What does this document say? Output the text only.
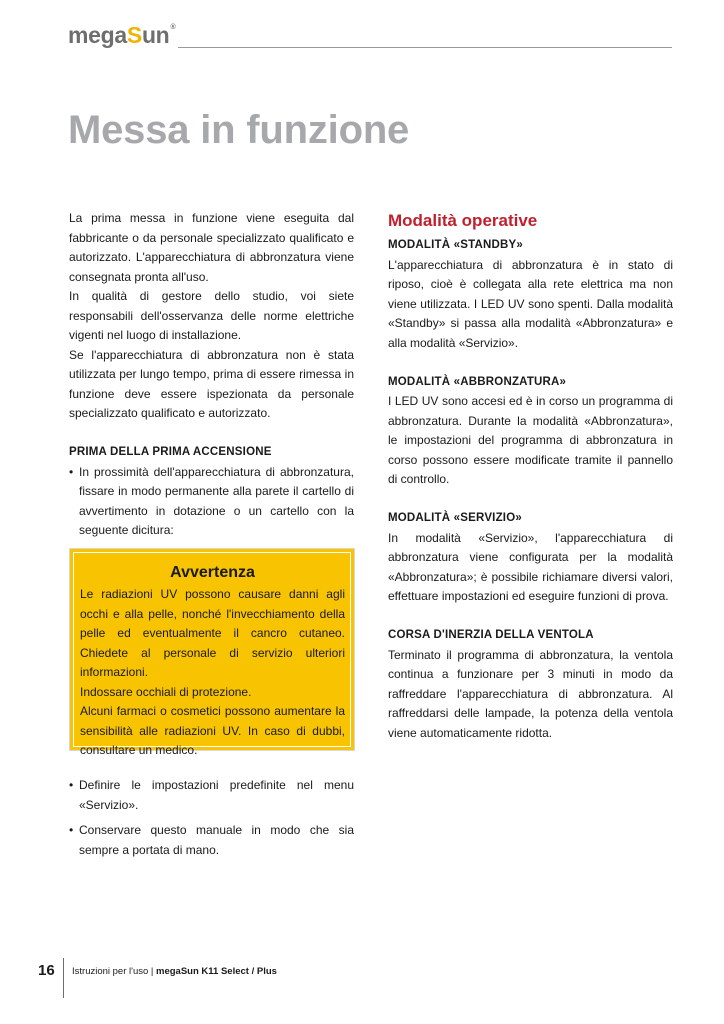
megaSun®
Messa in funzione

La prima messa in funzione viene eseguita dal fabbricante o da personale specializzato qualificato e autorizzato. L'apparecchiatura di abbronzatura viene consegnata pronta all'uso.

In qualità di gestore dello studio, voi siete responsabili dell'osservanza delle norme elettriche vigenti nel luogo di installazione.

Se l'apparecchiatura di abbronzatura non è stata utilizzata per lungo tempo, prima di essere rimessa in funzione deve essere ispezionata da personale specializzato qualificato e autorizzato.

PRIMA DELLA PRIMA ACCENSIONE
• In prossimità dell'apparecchiatura di abbronzatura, fissare in modo permanente alla parete il cartello di avvertimento in dotazione o un cartello con la seguente dicitura:
Avvertenza

Le radiazioni UV possono causare danni agli occhi e alla pelle, nonché l'invecchiamento della pelle ed eventualmente il cancro cutaneo. Chiedete al personale di servizio ulteriori informazioni.

Indossare occhiali di protezione.

Alcuni farmaci o cosmetici possono aumentare la sensibilità alle radiazioni UV. In caso di dubbi, consultare un medico.

• Definire le impostazioni predefinite nel menu «Servizio».
• Conservare questo manuale in modo che sia sempre a portata di mano.
Modalità operative
MODALITÀ «STANDBY»

L'apparecchiatura di abbronzatura è in stato di riposo, cioè è collegata alla rete elettrica ma non viene utilizzata. I LED UV sono spenti. Dalla modalità «Standby» si passa alla modalità «Abbronzatura» e alla modalità «Servizio».

MODALITÀ «ABBRONZATURA»

I LED UV sono accesi ed è in corso un programma di abbronzatura. Durante la modalità «Abbronzatura», le impostazioni del programma di abbronzatura in corso possono essere modificate tramite il pannello di controllo.

MODALITÀ «SERVIZIO»

In modalità «Servizio», l'apparecchiatura di abbronzatura viene configurata per la modalità «Abbronzatura»; è possibile richiamare diversi valori, effettuare impostazioni ed eseguire funzioni di prova.

CORSA D'INERZIA DELLA VENTOLA

Terminato il programma di abbronzatura, la ventola continua a funzionare per 3 minuti in modo da raffreddare l'apparecchiatura di abbronzatura. Al raffreddarsi delle lampade, la potenza della ventola viene automaticamente ridotta.

16 Istruzioni per l'uso | megaSun K11 Select / Plus
